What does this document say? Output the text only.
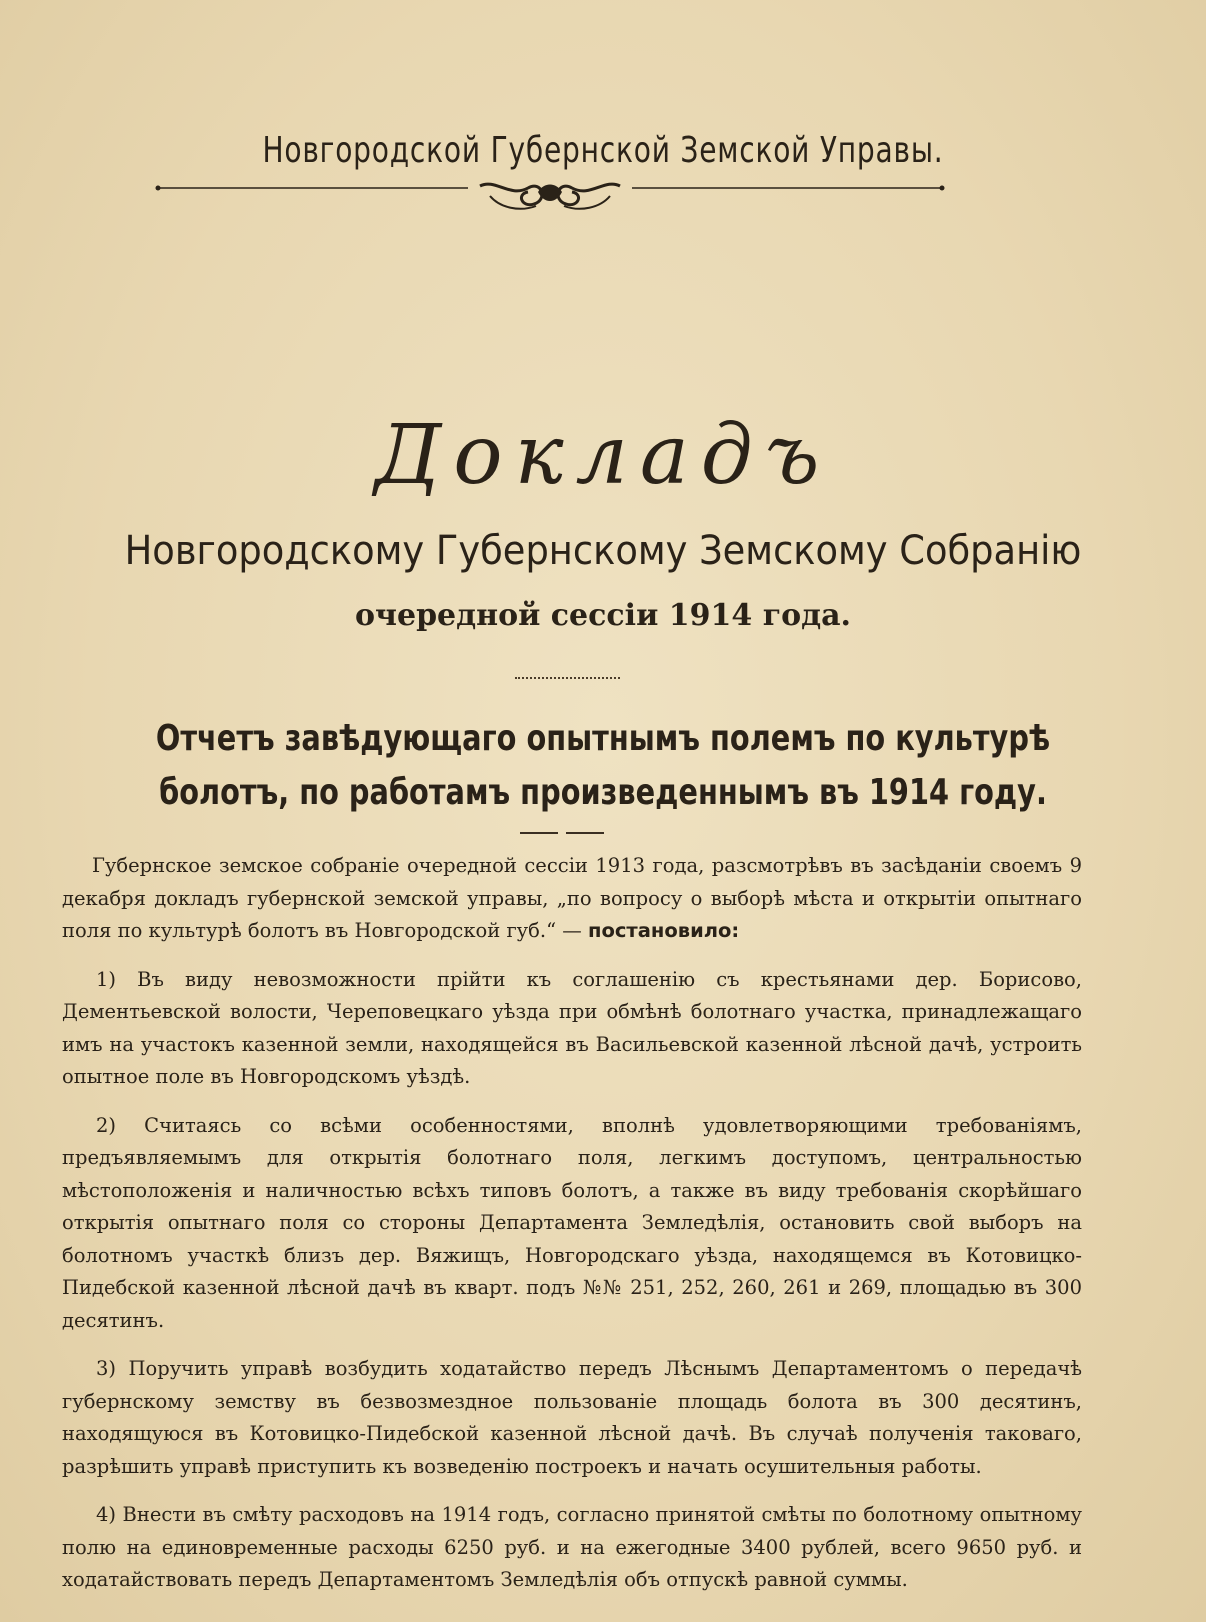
Новгородской Губернской Земской Управы.
Докладъ
Новгородскому Губернскому Земскому Собранію
очередной сессіи 1914 года.
Отчетъ завѣдующаго опытнымъ полемъ по культурѣ болотъ, по работамъ произведеннымъ въ 1914 году.

Губернское земское собраніе очередной сессіи 1913 года, разсмотрѣвъ въ засѣданіи своемъ 9 декабря докладъ губернской земской управы, „по вопросу о выборѣ мѣста и открытіи опытнаго поля по культурѣ болотъ въ Новгородской губ.“ — постановило:

1) Въ виду невозможности прійти къ соглашенію съ крестьянами дер. Борисово, Дементьевской волости, Череповецкаго уѣзда при обмѣнѣ болотнаго участка, принадлежащаго имъ на участокъ казенной земли, находящейся въ Васильевской казенной лѣсной дачѣ, устроить опытное поле въ Новгородскомъ уѣздѣ.

2) Считаясь со всѣми особенностями, вполнѣ удовлетворяющими требованіямъ, предъявляемымъ для открытія болотнаго поля, легкимъ доступомъ, центральностью мѣстоположенія и наличностью всѣхъ типовъ болотъ, а также въ виду требованія скорѣйшаго открытія опытнаго поля со стороны Департамента Земледѣлія, остановить свой выборъ на болотномъ участкѣ близъ дер. Вяжищъ, Новгородскаго уѣзда, находящемся въ Котовицко-Пидебской казенной лѣсной дачѣ въ кварт. подъ №№ 251, 252, 260, 261 и 269, площадью въ 300 десятинъ.

3) Поручить управѣ возбудить ходатайство передъ Лѣснымъ Департаментомъ о передачѣ губернскому земству въ безвозмездное пользованіе площадь болота въ 300 десятинъ, находящуюся въ Котовицко-Пидебской казенной лѣсной дачѣ. Въ случаѣ полученія таковаго, разрѣшить управѣ приступить къ возведенію построекъ и начать осушительныя работы.

4) Внести въ смѣту расходовъ на 1914 годъ, согласно принятой смѣты по болотному опытному полю на единовременные расходы 6250 руб. и на ежегодные 3400 рублей, всего 9650 руб. и ходатайствовать передъ Департаментомъ Земледѣлія объ отпускѣ равной суммы.
